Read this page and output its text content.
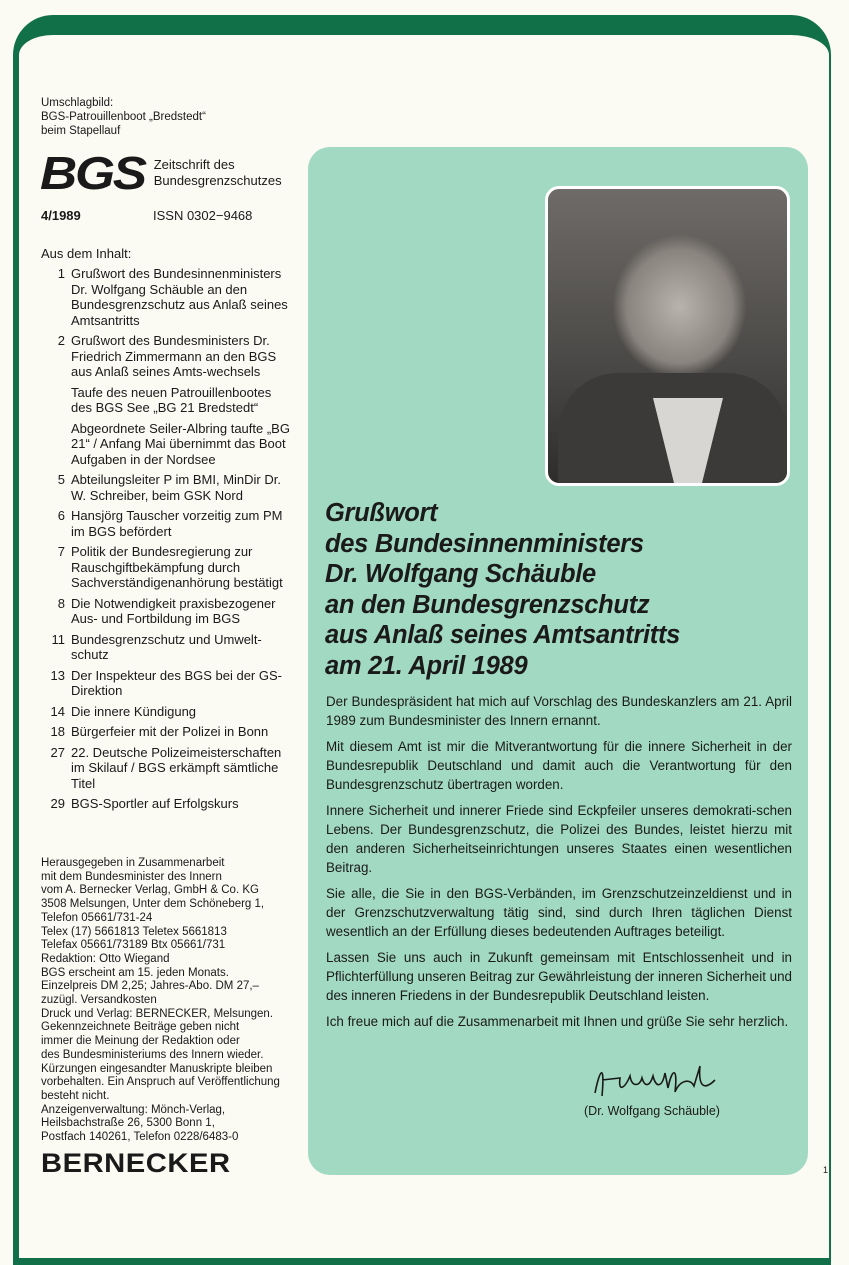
Umschlagbild:
BGS-Patrouillenboot „Bredstedt“
beim Stapellauf
BGS Zeitschrift des
Bundesgrenzschutzes
4/1989	ISSN 0302−9468
Aus dem Inhalt:
1 Grußwort des Bundesinnenministers Dr. Wolfgang Schäuble an den Bundesgrenzschutz aus Anlaß seines Amtsantritts
2 Grußwort des Bundesministers Dr. Friedrich Zimmermann an den BGS aus Anlaß seines Amts-wechsels
Taufe des neuen Patrouillenbootes des BGS See „BG 21 Bredstedt“
Abgeordnete Seiler-Albring taufte „BG 21“ / Anfang Mai übernimmt das Boot Aufgaben in der Nordsee
5 Abteilungsleiter P im BMI, MinDir Dr. W. Schreiber, beim GSK Nord
6 Hansjörg Tauscher vorzeitig zum PM im BGS befördert
7 Politik der Bundesregierung zur Rauschgiftbekämpfung durch Sachverständigenanhörung bestätigt
8 Die Notwendigkeit praxisbezogener Aus- und Fortbildung im BGS
11 Bundesgrenzschutz und Umwelt-schutz
13 Der Inspekteur des BGS bei der GS-Direktion
14 Die innere Kündigung
18 Bürgerfeier mit der Polizei in Bonn
27 22. Deutsche Polizeimeisterschaften im Skilauf / BGS erkämpft sämtliche Titel
29 BGS-Sportler auf Erfolgskurs
Herausgegeben in Zusammenarbeit
mit dem Bundesminister des Innern
vom A. Bernecker Verlag, GmbH & Co. KG
3508 Melsungen, Unter dem Schöneberg 1,
Telefon 05661/731-24
Telex (17) 5661813 Teletex 5661813
Telefax 05661/73189 Btx 05661/731
Redaktion: Otto Wiegand
BGS erscheint am 15. jeden Monats.
Einzelpreis DM 2,25; Jahres-Abo. DM 27,–
zuzügl. Versandkosten
Druck und Verlag: BERNECKER, Melsungen.
Gekennzeichnete Beiträge geben nicht
immer die Meinung der Redaktion oder
des Bundesministeriums des Innern wieder.
Kürzungen eingesandter Manuskripte bleiben
vorbehalten. Ein Anspruch auf Veröffentlichung
besteht nicht.
Anzeigenverwaltung: Mönch-Verlag,
Heilsbachstraße 26, 5300 Bonn 1,
Postfach 140261, Telefon 0228/6483-0
BERNECKER
Grußwort
des Bundesinnenministers
Dr. Wolfgang Schäuble
an den Bundesgrenzschutz
aus Anlaß seines Amtsantritts
am 21. April 1989

Der Bundespräsident hat mich auf Vorschlag des Bundeskanzlers am 21. April 1989 zum Bundesminister des Innern ernannt.

Mit diesem Amt ist mir die Mitverantwortung für die innere Sicherheit in der Bundesrepublik Deutschland und damit auch die Verantwortung für den Bundesgrenzschutz übertragen worden.

Innere Sicherheit und innerer Friede sind Eckpfeiler unseres demokrati-schen Lebens. Der Bundesgrenzschutz, die Polizei des Bundes, leistet hierzu mit den anderen Sicherheitseinrichtungen unseres Staates einen wesentlichen Beitrag.

Sie alle, die Sie in den BGS-Verbänden, im Grenzschutzeinzeldienst und in der Grenzschutzverwaltung tätig sind, sind durch Ihren täglichen Dienst wesentlich an der Erfüllung dieses bedeutenden Auftrages beteiligt.

Lassen Sie uns auch in Zukunft gemeinsam mit Entschlossenheit und in Pflichterfüllung unseren Beitrag zur Gewährleistung der inneren Sicherheit und des inneren Friedens in der Bundesrepublik Deutschland leisten.

Ich freue mich auf die Zusammenarbeit mit Ihnen und grüße Sie sehr herzlich.

(Dr. Wolfgang Schäuble)
1
